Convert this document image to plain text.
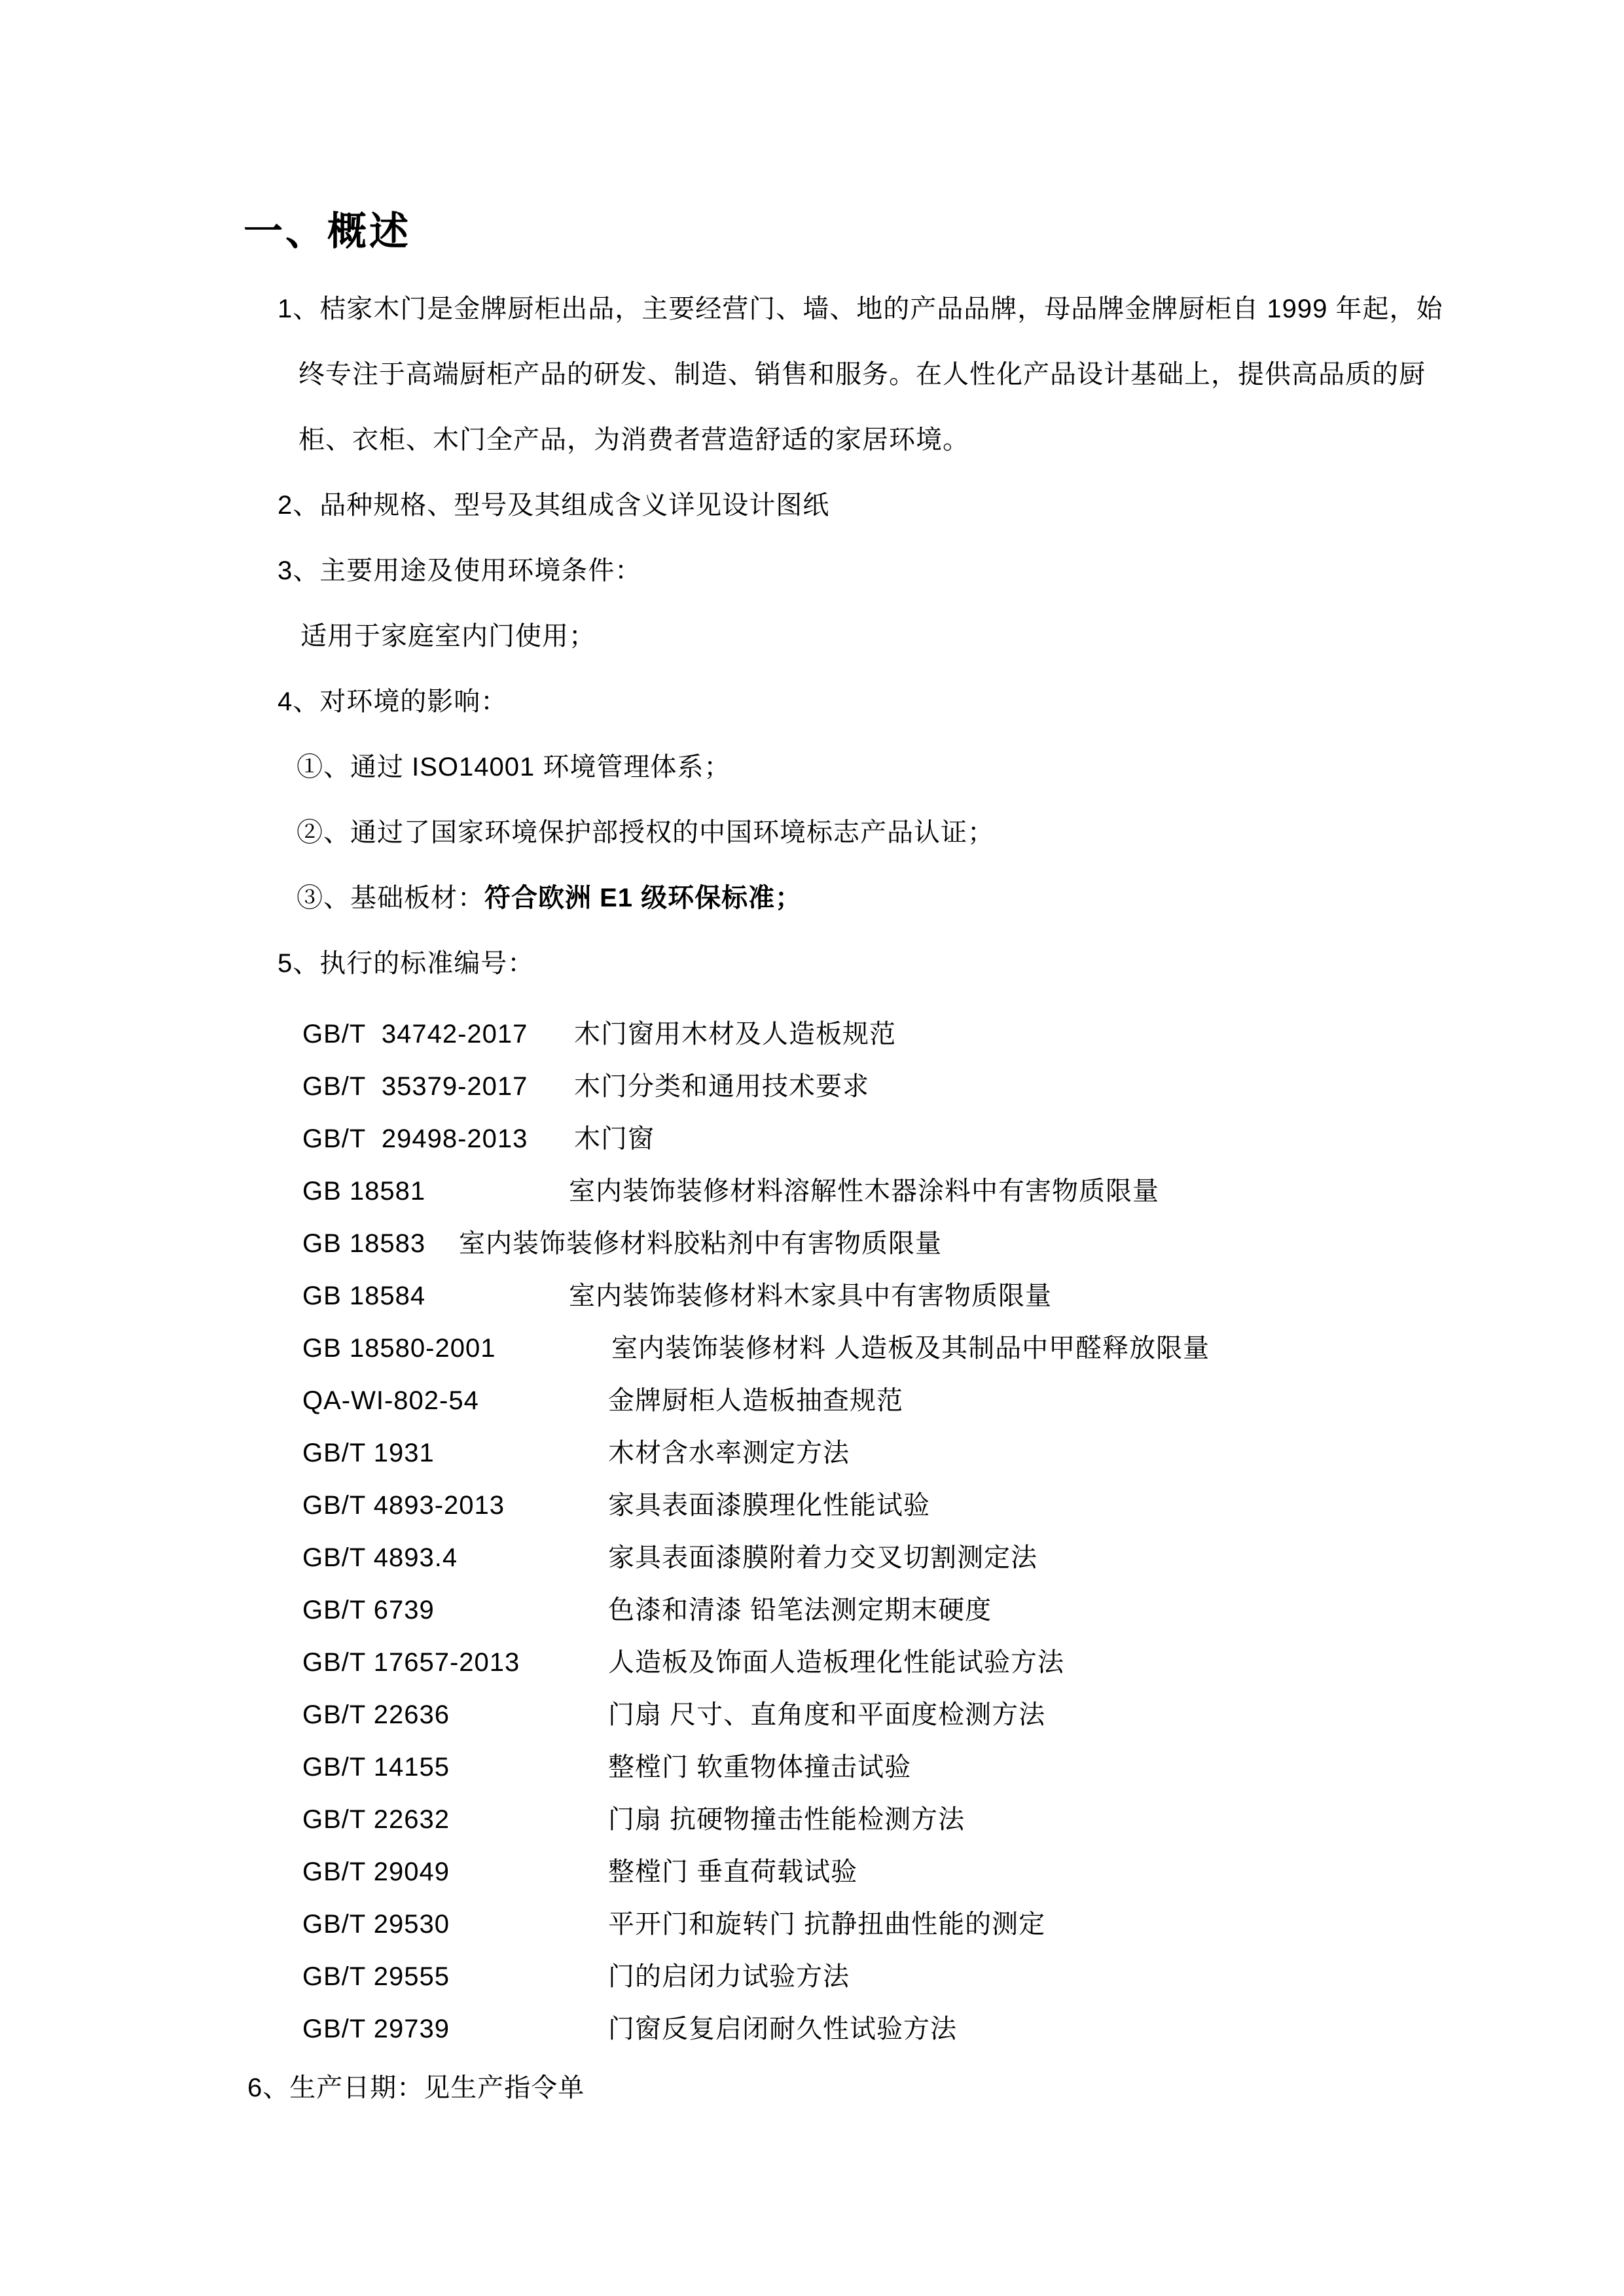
一、概述
1、桔家木门是金牌厨柜出品，主要经营门、墙、地的产品品牌，母品牌金牌厨柜自 1999 年起，始
终专注于高端厨柜产品的研发、制造、销售和服务。在人性化产品设计基础上，提供高品质的厨
柜、衣柜、木门全产品，为消费者营造舒适的家居环境。
2、品种规格、型号及其组成含义详见设计图纸
3、主要用途及使用环境条件：
适用于家庭室内门使用；
4、对环境的影响：
①、通过 ISO14001 环境管理体系；
②、通过了国家环境保护部授权的中国环境标志产品认证；
③、基础板材：符合欧洲 E1 级环保标准；
5、执行的标准编号：
GB/T  34742-2017	木门窗用木材及人造板规范
GB/T  35379-2017	木门分类和通用技术要求
GB/T  29498-2013	木门窗
GB 18581	室内装饰装修材料溶解性木器涂料中有害物质限量
GB 18583	室内装饰装修材料胶粘剂中有害物质限量
GB 18584	室内装饰装修材料木家具中有害物质限量
GB 18580-2001	室内装饰装修材料 人造板及其制品中甲醛释放限量
QA-WI-802-54	金牌厨柜人造板抽查规范
GB/T 1931	木材含水率测定方法
GB/T 4893-2013	家具表面漆膜理化性能试验
GB/T 4893.4	家具表面漆膜附着力交叉切割测定法
GB/T 6739	色漆和清漆 铅笔法测定期末硬度
GB/T 17657-2013	人造板及饰面人造板理化性能试验方法
GB/T 22636	门扇 尺寸、直角度和平面度检测方法
GB/T 14155	整樘门 软重物体撞击试验
GB/T 22632	门扇 抗硬物撞击性能检测方法
GB/T 29049	整樘门 垂直荷载试验
GB/T 29530	平开门和旋转门 抗静扭曲性能的测定
GB/T 29555	门的启闭力试验方法
GB/T 29739	门窗反复启闭耐久性试验方法
6、生产日期：见生产指令单
